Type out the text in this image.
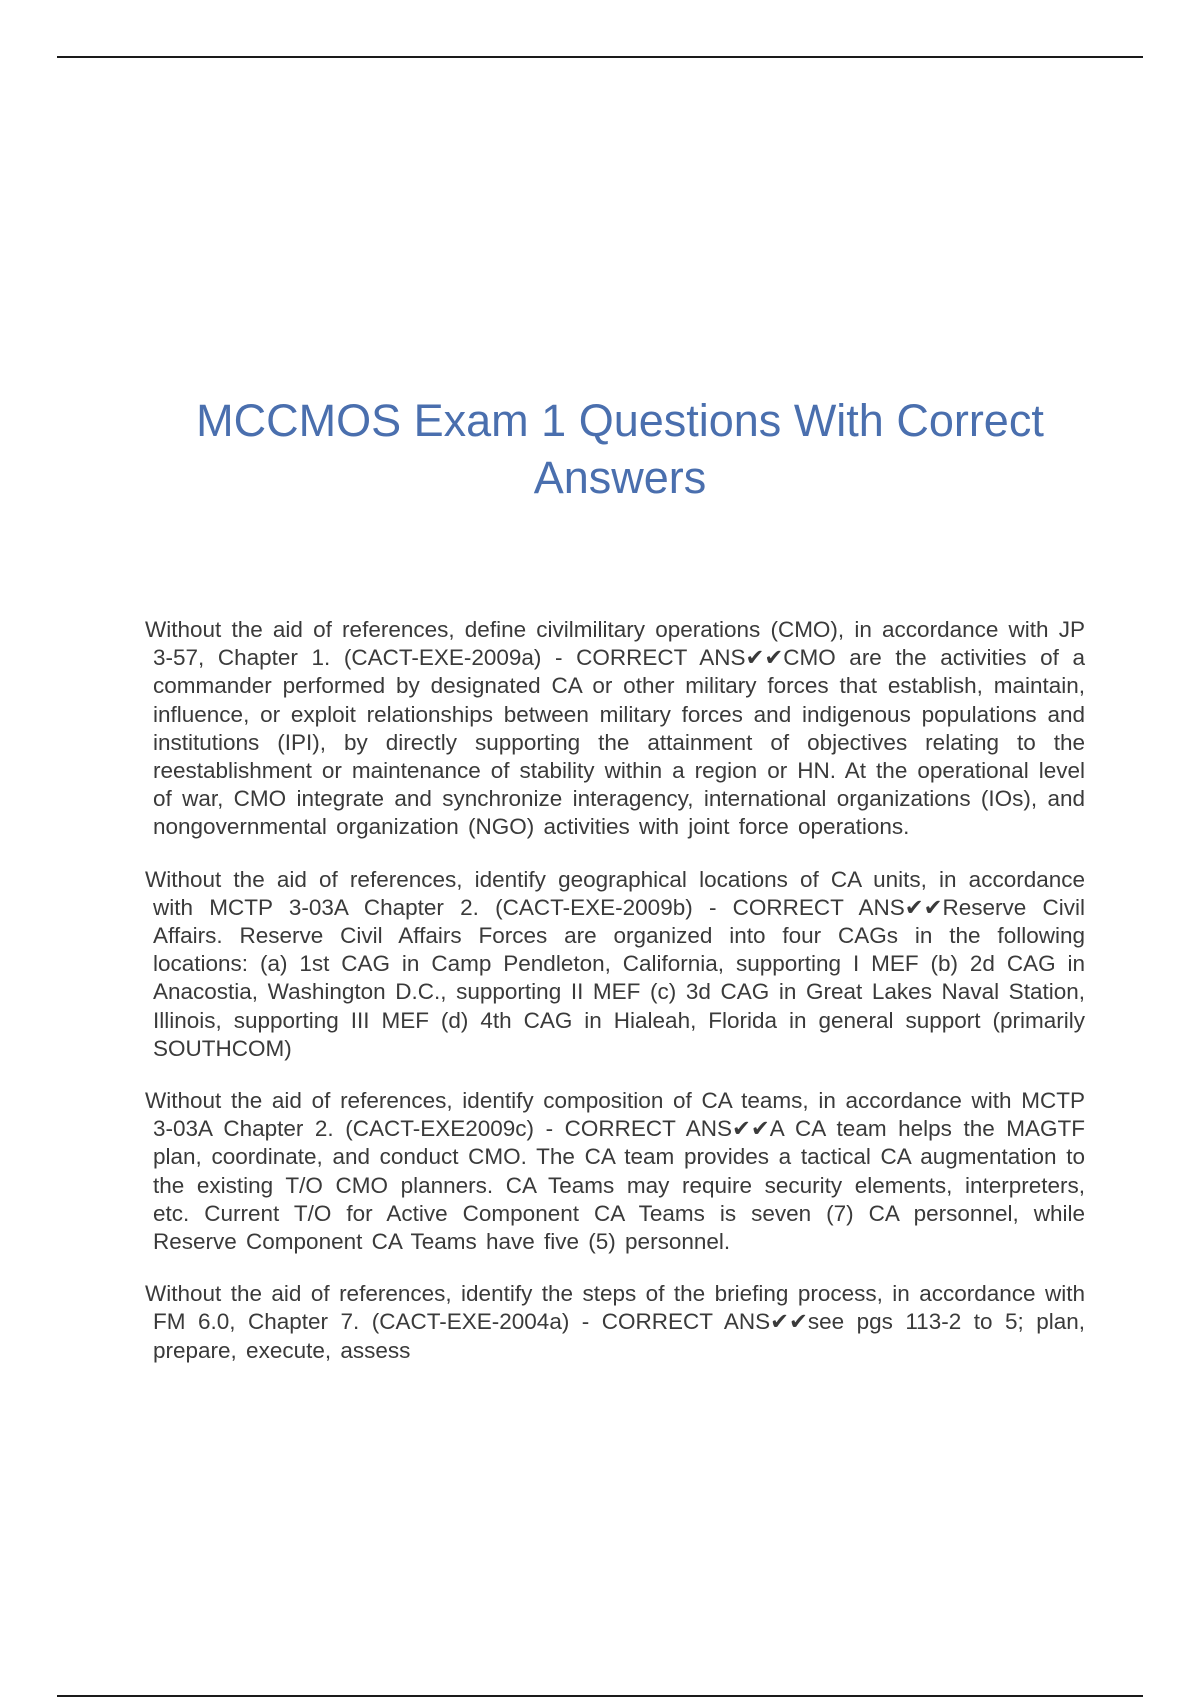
MCCMOS Exam 1 Questions With Correct Answers

Without the aid of references, define civilmilitary operations (CMO), in accordance with JP 3-57, Chapter 1. (CACT-EXE-2009a) - CORRECT ANS✔✔CMO are the activities of a commander performed by designated CA or other military forces that establish, maintain, influence, or exploit relationships between military forces and indigenous populations and institutions (IPI), by directly supporting the attainment of objectives relating to the reestablishment or maintenance of stability within a region or HN. At the operational level of war, CMO integrate and synchronize interagency, international organizations (IOs), and nongovernmental organization (NGO) activities with joint force operations.

Without the aid of references, identify geographical locations of CA units, in accordance with MCTP 3-03A Chapter 2. (CACT-EXE-2009b) - CORRECT ANS✔✔Reserve Civil Affairs. Reserve Civil Affairs Forces are organized into four CAGs in the following locations: (a) 1st CAG in Camp Pendleton, California, supporting I MEF (b) 2d CAG in Anacostia, Washington D.C., supporting II MEF (c) 3d CAG in Great Lakes Naval Station, Illinois, supporting III MEF (d) 4th CAG in Hialeah, Florida in general support (primarily SOUTHCOM)

Without the aid of references, identify composition of CA teams, in accordance with MCTP 3-03A Chapter 2. (CACT-EXE2009c) - CORRECT ANS✔✔A CA team helps the MAGTF plan, coordinate, and conduct CMO. The CA team provides a tactical CA augmentation to the existing T/O CMO planners. CA Teams may require security elements, interpreters, etc. Current T/O for Active Component CA Teams is seven (7) CA personnel, while Reserve Component CA Teams have five (5) personnel.

Without the aid of references, identify the steps of the briefing process, in accordance with FM 6.0, Chapter 7. (CACT-EXE-2004a) - CORRECT ANS✔✔see pgs 113-2 to 5; plan, prepare, execute, assess
